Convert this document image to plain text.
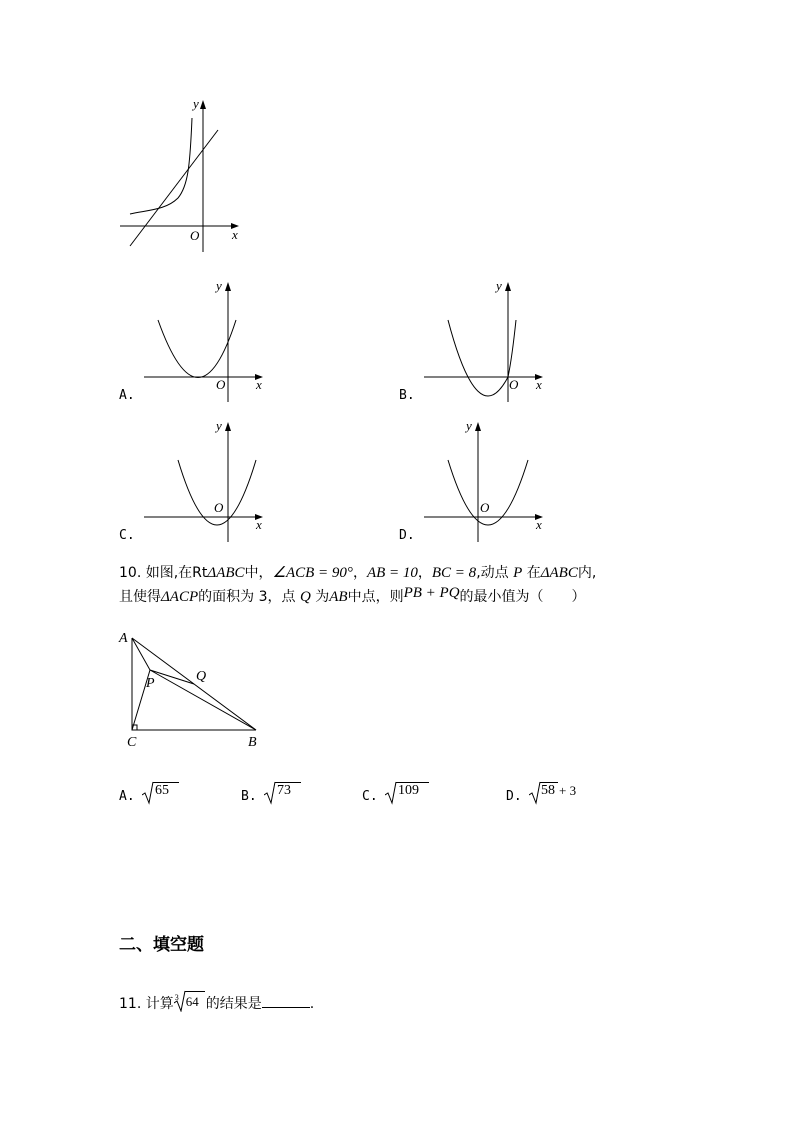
y
x
O
y
x
O
A.
y
x
O
B.
y
x
O
C.
y
x
O
D.
10. 如图,在RtΔABC中，∠ACB = 90°，AB = 10，BC = 8,动点 P 在ΔABC内,
且使得ΔACP的面积为 3，点 Q 为AB中点，则PB + PQ的最小值为（　　）
A
P	Q
C	B
A. 65	B. 73	C. 109	D. 58 + 3
二、填空题
11. 计算 3 64 的结果是	.
